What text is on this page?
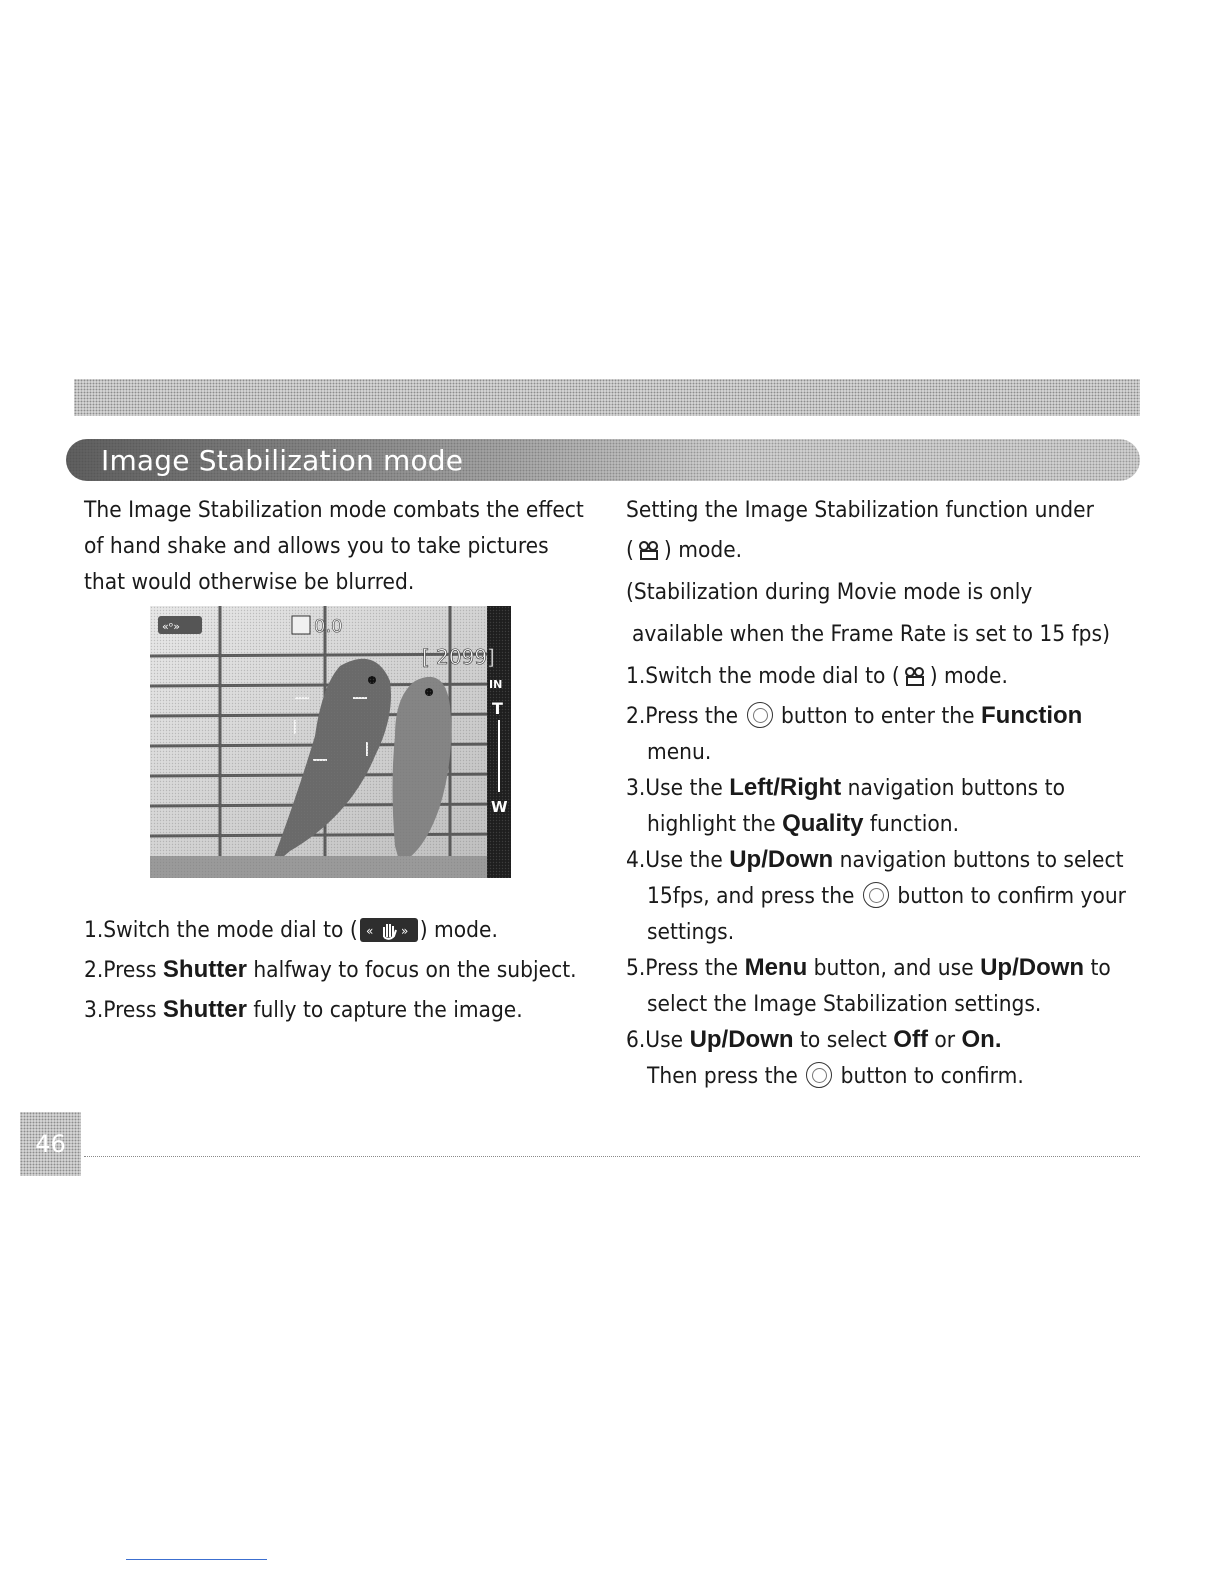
Image Stabilization mode

The Image Stabilization mode combats the effect of hand shake and allows you to take pictures that would otherwise be blurred.

1.Switch the mode dial to ( « » ) mode.

2.Press Shutter halfway to focus on the subject.

3.Press Shutter fully to capture the image.

«ᵒ»	0.0
[ 2099]
IN
T
W

Setting the Image Stabilization function under

( ) mode.

(Stabilization during Movie mode is only

available when the Frame Rate is set to 15 fps)

1.Switch the mode dial to ( ) mode.

2.Press the  button to enter the Function menu.

3.Use the Left/Right navigation buttons to highlight the Quality function.

4.Use the Up/Down navigation buttons to select 15fps, and press the  button to confirm your settings.

5.Press the Menu button, and use Up/Down to select the Image Stabilization settings.

6.Use Up/Down to select Off or On.
Then press the  button to confirm.

46
